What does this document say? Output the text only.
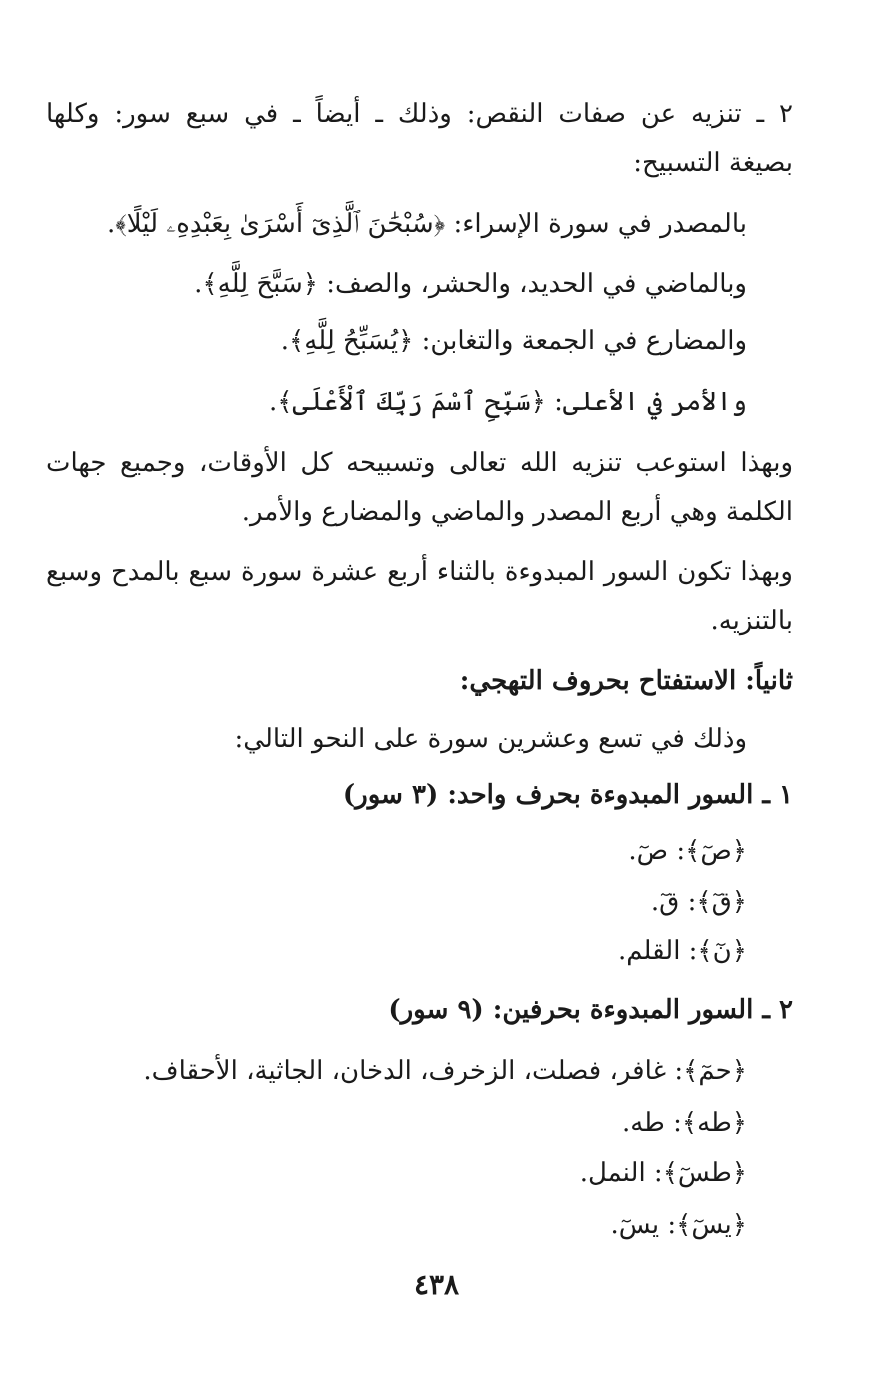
٢ ـ تنزيه عن صفات النقص: وذلك ـ أيضاً ـ في سبع سور: وكلها
بصيغة التسبيح:
بالمصدر في سورة الإسراء: ﴿سُبْحَٰنَ ٱلَّذِىٓ أَسْرَىٰ بِعَبْدِهِۦ لَيْلًا﴾.
وبالماضي في الحديد، والحشر، والصف: ﴿سَبَّحَ لِلَّهِ﴾.
والمضارع في الجمعة والتغابن: ﴿يُسَبِّحُ لِلَّهِ﴾.
والأمر في الأعلى: ﴿سَبِّحِ ٱسْمَ رَبِّكَ ٱلْأَعْلَى﴾.
وبهذا استوعب تنزيه الله تعالى وتسبيحه كل الأوقات، وجميع جهات
الكلمة وهي أربع المصدر والماضي والمضارع والأمر.
وبهذا تكون السور المبدوءة بالثناء أربع عشرة سورة سبع بالمدح وسبع
بالتنزيه.
ثانياً: الاستفتاح بحروف التهجي:
وذلك في تسع وعشرين سورة على النحو التالي:
١ ـ السور المبدوءة بحرف واحد: (٣ سور)
﴿صٓ﴾: صٓ.
﴿قٓ﴾: قٓ.
﴿نٓ﴾: القلم.
٢ ـ السور المبدوءة بحرفين: (٩ سور)
﴿حمٓ﴾: غافر، فصلت، الزخرف، الدخان، الجاثية، الأحقاف.
﴿طه﴾: طه.
﴿طسٓ﴾: النمل.
﴿يسٓ﴾: يسٓ.
٤٣٨
